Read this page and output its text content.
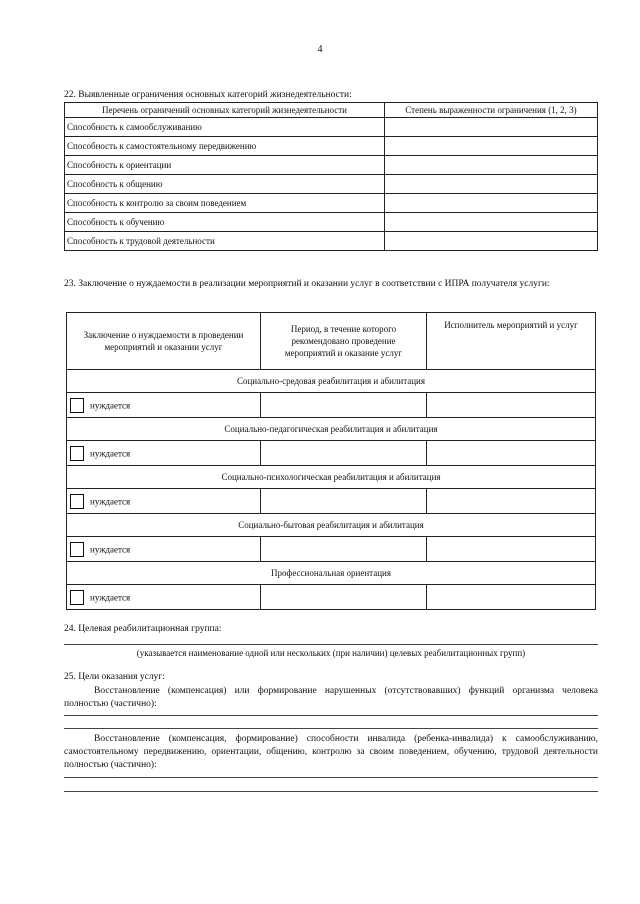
4
22. Выявленные ограничения основных категорий жизнедеятельности:
Перечень ограничений основных категорий жизнедеятельности	Степень выраженности ограничения (1, 2, 3)
Способность к самообслуживанию	
Способность к самостоятельному передвижению	
Способность к ориентации	
Способность к общению	
Способность к контролю за своим поведением	
Способность к обучению	
Способность к трудовой деятельности	
23. Заключение о нуждаемости в реализации мероприятий и оказании услуг в соответствии с ИПРА получателя услуги:
Заключение о нуждаемости в проведении мероприятий и оказании услуг	Период, в течение которого рекомендовано проведение мероприятий и оказание услуг	Исполнитель мероприятий и услуг
Социально-средовая реабилитация и абилитация		
нуждается		
Социально-педагогическая реабилитация и абилитация		
нуждается		
Социально-психологическая реабилитация и абилитация		
нуждается		
Социально-бытовая реабилитация и абилитация		
нуждается		
Профессиональная ориентация		
нуждается		
24. Целевая реабилитационная группа:
(указывается наименование одной или нескольких (при наличии) целевых реабилитационных групп)
25. Цели оказания услуг:
Восстановление (компенсация) или формирование нарушенных (отсутствовавших) функций организма человека полностью (частично):
Восстановление (компенсация, формирование) способности инвалида (ребенка-инвалида) к самообслуживанию, самостоятельному передвижению, ориентации, общению, контролю за своим поведением, обучению, трудовой деятельности полностью (частично):
